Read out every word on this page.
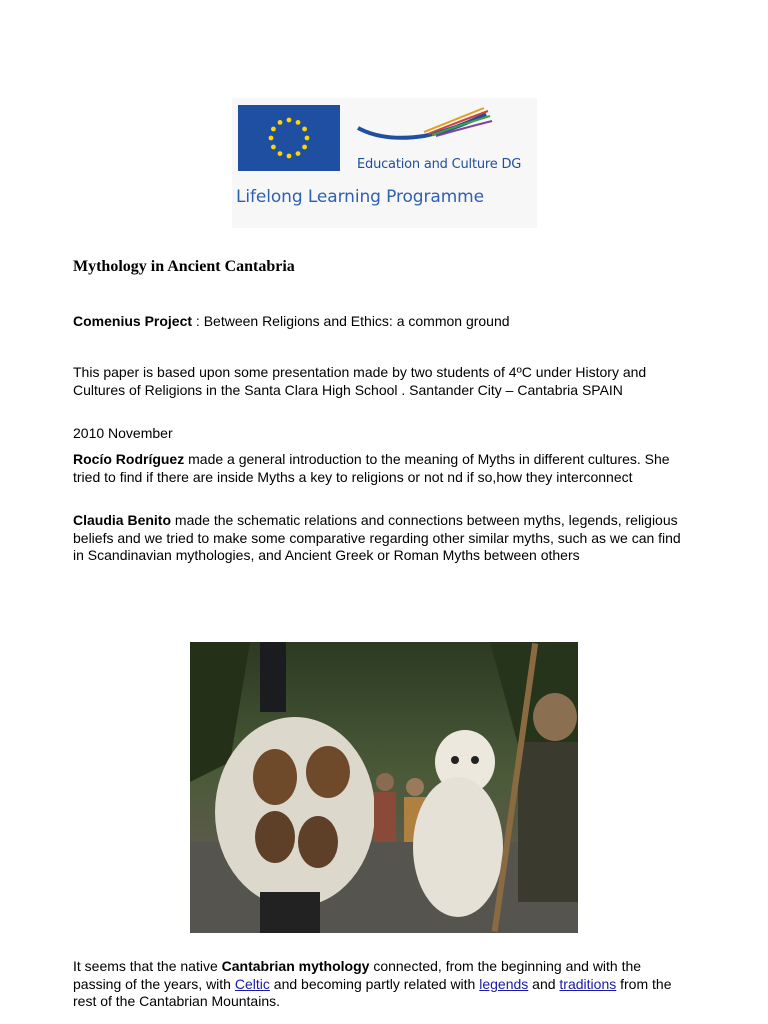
Education and Culture DG
Lifelong Learning Programme
Mythology in Ancient Cantabria
Comenius Project : Between Religions and Ethics: a common ground
This paper is based upon some presentation made by two students of 4ºC under History and Cultures of Religions in the Santa Clara High School . Santander City – Cantabria SPAIN
2010 November
Rocío Rodríguez made a general introduction to the meaning of Myths in different cultures. She tried to find if there are inside Myths a key to religions or not nd if so,how they interconnect
Claudia Benito made the schematic relations and connections between myths, legends, religious beliefs and we tried to make some comparative regarding other similar myths, such as we can find in Scandinavian mythologies, and Ancient Greek or Roman Myths between others
It seems that the native Cantabrian mythology connected, from the beginning and with the passing of the years, with Celtic and becoming partly related with legends and traditions from the rest of the Cantabrian Mountains.
